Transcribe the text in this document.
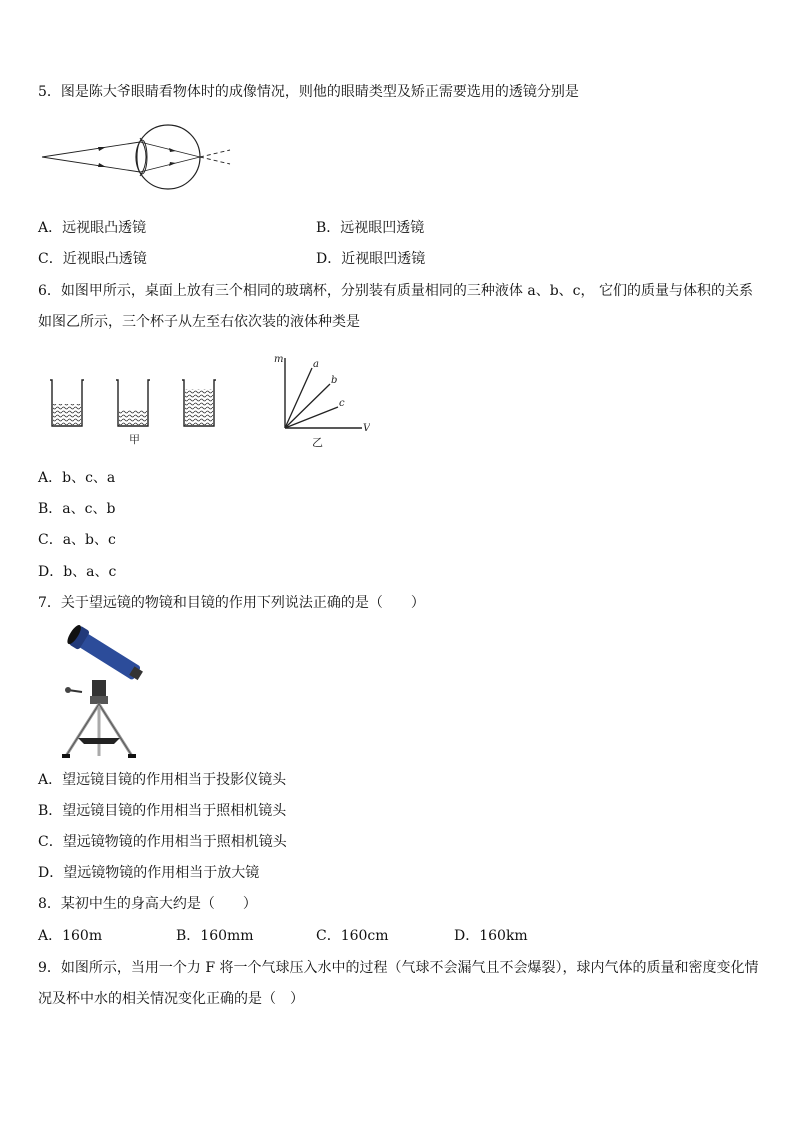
5．图是陈大爷眼睛看物体时的成像情况，则他的眼睛类型及矫正需要选用的透镜分别是
A．远视眼凸透镜	B．远视眼凹透镜
C．近视眼凸透镜	D．近视眼凹透镜
6．如图甲所示，桌面上放有三个相同的玻璃杯，分别装有质量相同的三种液体 a、b、c， 它们的质量与体积的关系
如图乙所示，三个杯子从左至右依次装的液体种类是
甲
m
V
a
b
c
乙
A．b、c、a
B．a、c、b
C．a、b、c
D．b、a、c
7．关于望远镜的物镜和目镜的作用下列说法正确的是（　　）
A．望远镜目镜的作用相当于投影仪镜头
B．望远镜目镜的作用相当于照相机镜头
C．望远镜物镜的作用相当于照相机镜头
D．望远镜物镜的作用相当于放大镜
8．某初中生的身高大约是（　　）
A．160m	B．160mm	C．160cm	D．160km
9．如图所示，当用一个力 F 将一个气球压入水中的过程（气球不会漏气且不会爆裂），球内气体的质量和密度变化情
况及杯中水的相关情况变化正确的是（　）
